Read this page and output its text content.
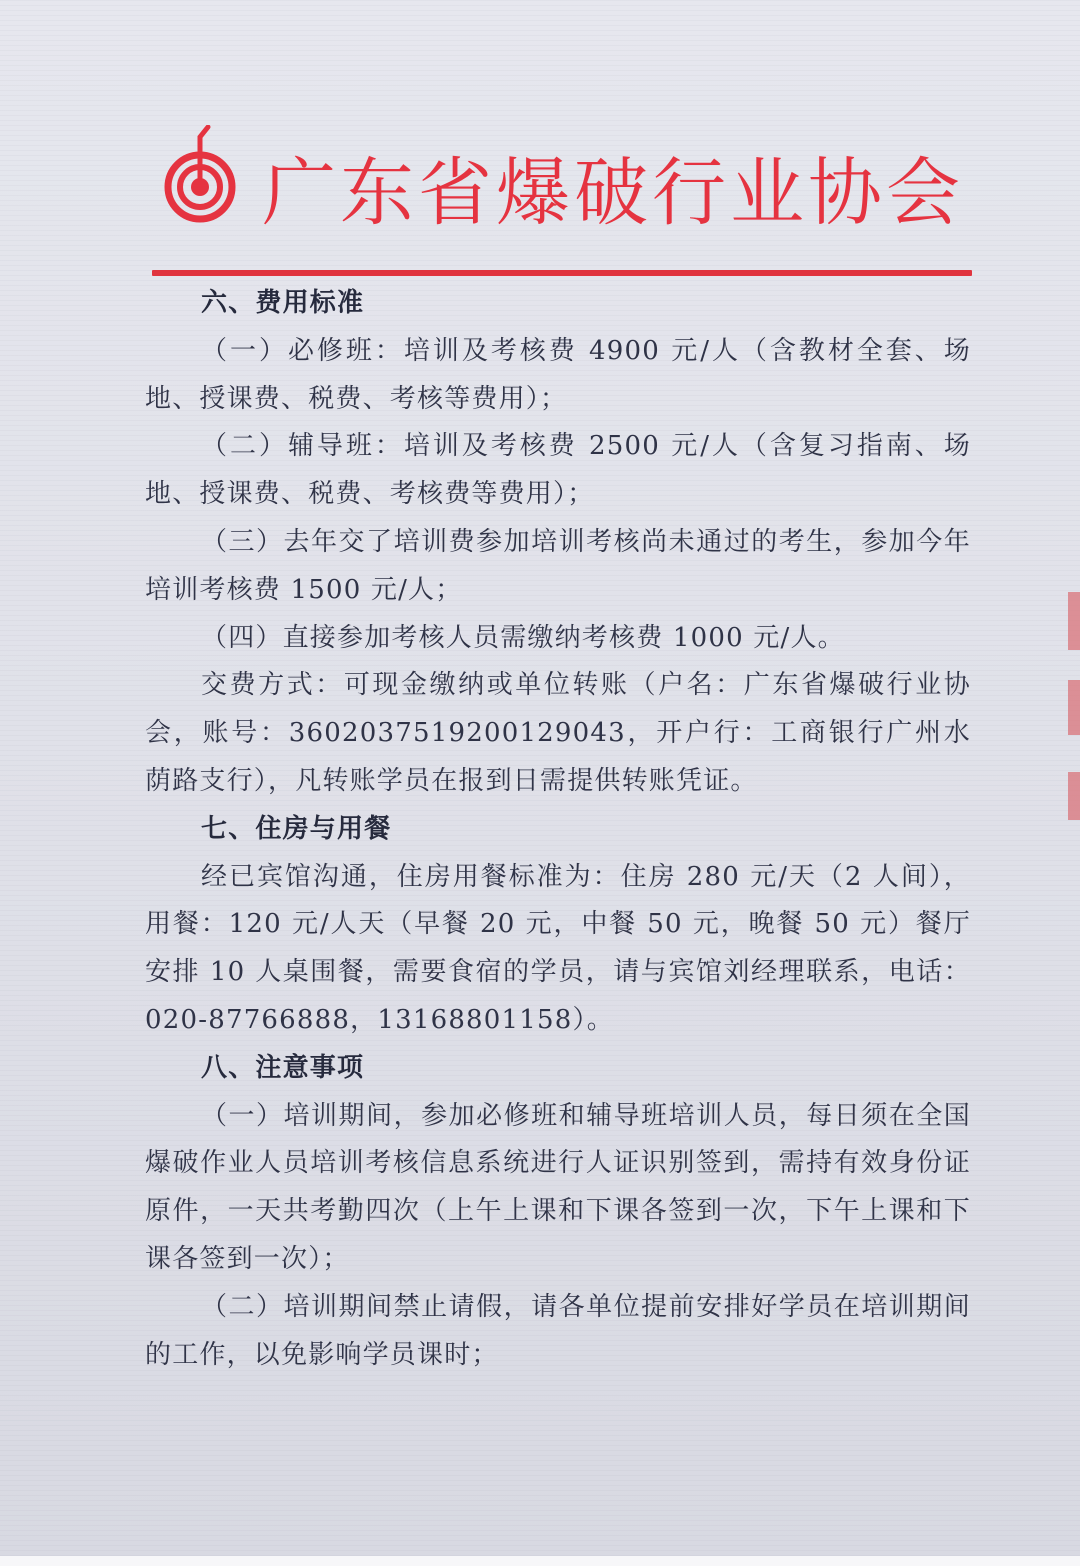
广东省爆破行业协会

六、费用标准

（一）必修班：培训及考核费 4900 元/人（含教材全套、场地、授课费、税费、考核等费用）；

（二）辅导班：培训及考核费 2500 元/人（含复习指南、场地、授课费、税费、考核费等费用）；

（三）去年交了培训费参加培训考核尚未通过的考生，参加今年培训考核费 1500 元/人；

（四）直接参加考核人员需缴纳考核费 1000 元/人。

交费方式：可现金缴纳或单位转账（户名：广东省爆破行业协会，账号：3602037519200129043，开户行：工商银行广州水荫路支行），凡转账学员在报到日需提供转账凭证。

七、住房与用餐

经已宾馆沟通，住房用餐标准为：住房 280 元/天（2 人间），用餐：120 元/人天（早餐 20 元，中餐 50 元，晚餐 50 元）餐厅安排 10 人桌围餐，需要食宿的学员，请与宾馆刘经理联系，电话：020-87766888，13168801158）。

八、注意事项

（一）培训期间，参加必修班和辅导班培训人员，每日须在全国爆破作业人员培训考核信息系统进行人证识别签到，需持有效身份证原件，一天共考勤四次（上午上课和下课各签到一次，下午上课和下课各签到一次）；

（二）培训期间禁止请假，请各单位提前安排好学员在培训期间的工作，以免影响学员课时；
